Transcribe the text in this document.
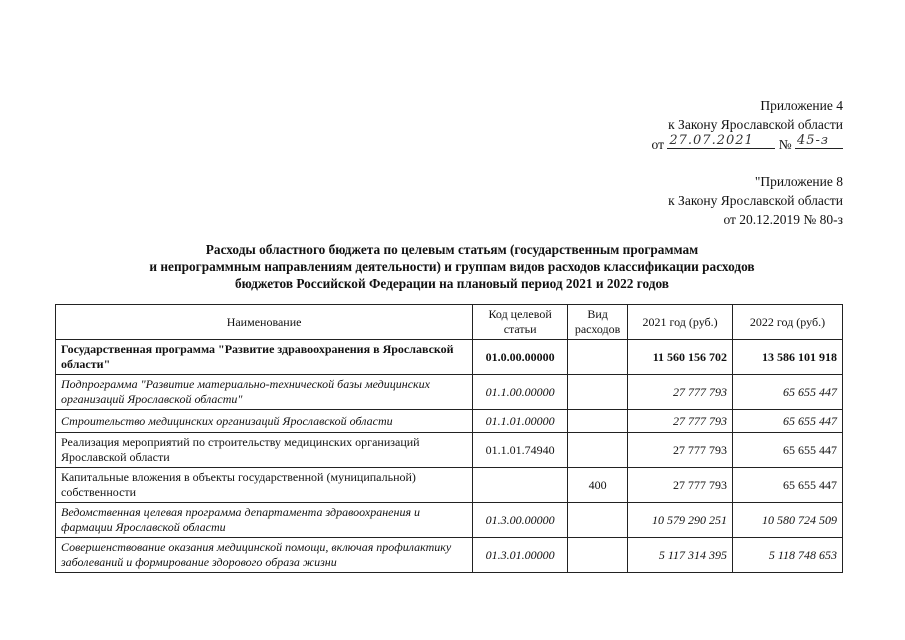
Приложение 4
к Закону Ярославской области
от 27.07.2021 № 45-з
"Приложение 8
к Закону Ярославской области
от 20.12.2019 № 80-з
Расходы областного бюджета по целевым статьям (государственным программам
и непрограммным направлениям деятельности) и группам видов расходов классификации расходов
бюджетов Российской Федерации на плановый период 2021 и 2022 годов
Наименование	Код целевой статьи	Вид расходов	2021 год (руб.)	2022 год (руб.)
Государственная программа "Развитие здравоохранения в Ярославской области"	01.0.00.00000		11 560 156 702	13 586 101 918
Подпрограмма "Развитие материально-технической базы медицинских организаций Ярославской области"	01.1.00.00000		27 777 793	65 655 447
Строительство медицинских организаций Ярославской области	01.1.01.00000		27 777 793	65 655 447
Реализация мероприятий по строительству медицинских организаций Ярославской области	01.1.01.74940		27 777 793	65 655 447
Капитальные вложения в объекты государственной (муниципальной) собственности		400	27 777 793	65 655 447
Ведомственная целевая программа департамента здравоохранения и фармации Ярославской области	01.3.00.00000		10 579 290 251	10 580 724 509
Совершенствование оказания медицинской помощи, включая профилактику заболеваний и формирование здорового образа жизни	01.3.01.00000		5 117 314 395	5 118 748 653
